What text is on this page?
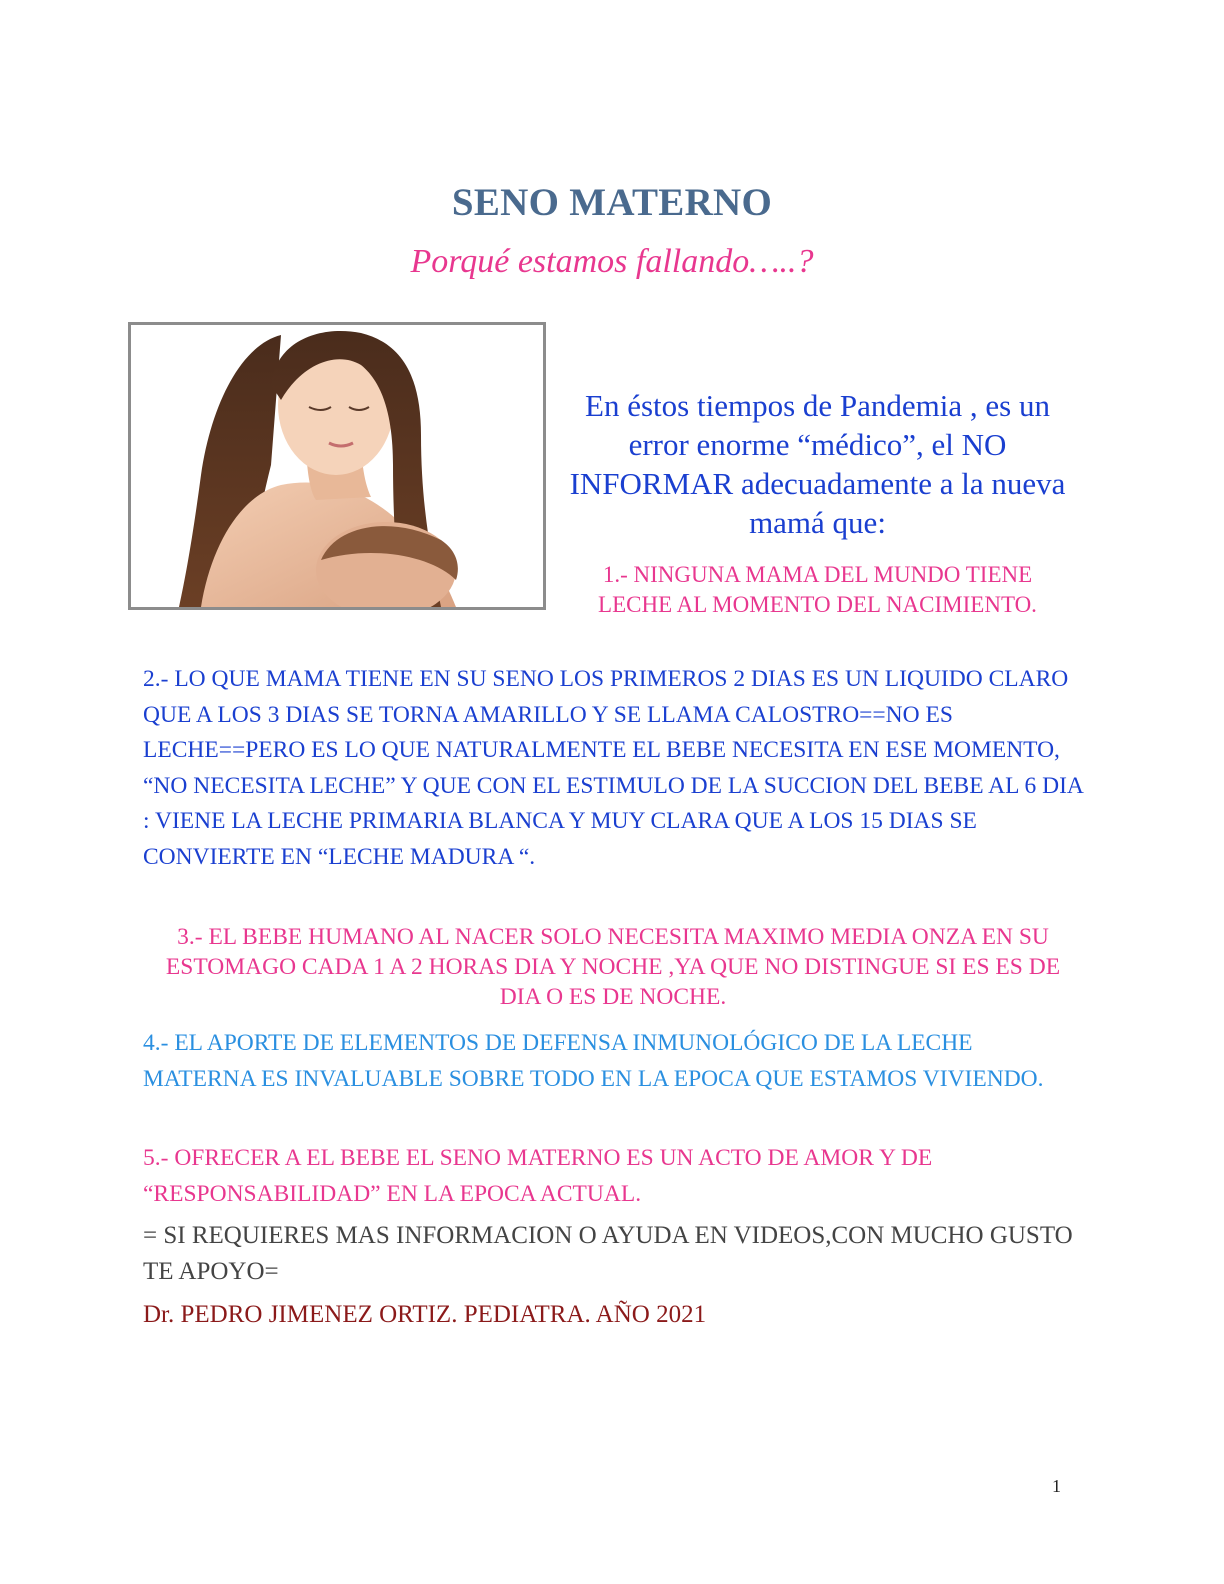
SENO MATERNO
Porqué estamos fallando…..?
En éstos tiempos de Pandemia , es un error enorme “médico”, el NO INFORMAR adecuadamente a la nueva mamá que:
1.- NINGUNA MAMA DEL MUNDO TIENE LECHE AL MOMENTO DEL NACIMIENTO.
2.- LO QUE MAMA TIENE EN SU SENO LOS PRIMEROS 2 DIAS ES UN LIQUIDO CLARO QUE A LOS 3 DIAS SE TORNA AMARILLO Y SE LLAMA CALOSTRO==NO ES LECHE==PERO ES LO QUE NATURALMENTE EL BEBE NECESITA EN ESE MOMENTO, “NO NECESITA LECHE” Y QUE CON EL ESTIMULO DE LA SUCCION DEL BEBE AL 6 DIA : VIENE LA LECHE PRIMARIA BLANCA Y MUY CLARA QUE A LOS 15 DIAS SE CONVIERTE EN “LECHE MADURA “.
3.- EL BEBE HUMANO AL NACER SOLO NECESITA MAXIMO MEDIA ONZA EN SU ESTOMAGO CADA 1 A 2 HORAS DIA Y NOCHE ,YA QUE NO DISTINGUE SI ES ES DE DIA O ES DE NOCHE.
4.- EL APORTE DE ELEMENTOS DE DEFENSA INMUNOLÓGICO DE LA LECHE MATERNA ES INVALUABLE SOBRE TODO EN LA EPOCA QUE ESTAMOS VIVIENDO.
5.- OFRECER A EL BEBE EL SENO MATERNO ES UN ACTO DE AMOR Y DE “RESPONSABILIDAD” EN LA EPOCA ACTUAL.
= SI REQUIERES MAS INFORMACION O AYUDA EN VIDEOS,CON MUCHO GUSTO TE APOYO=
Dr. PEDRO JIMENEZ ORTIZ. PEDIATRA. AÑO 2021
1
